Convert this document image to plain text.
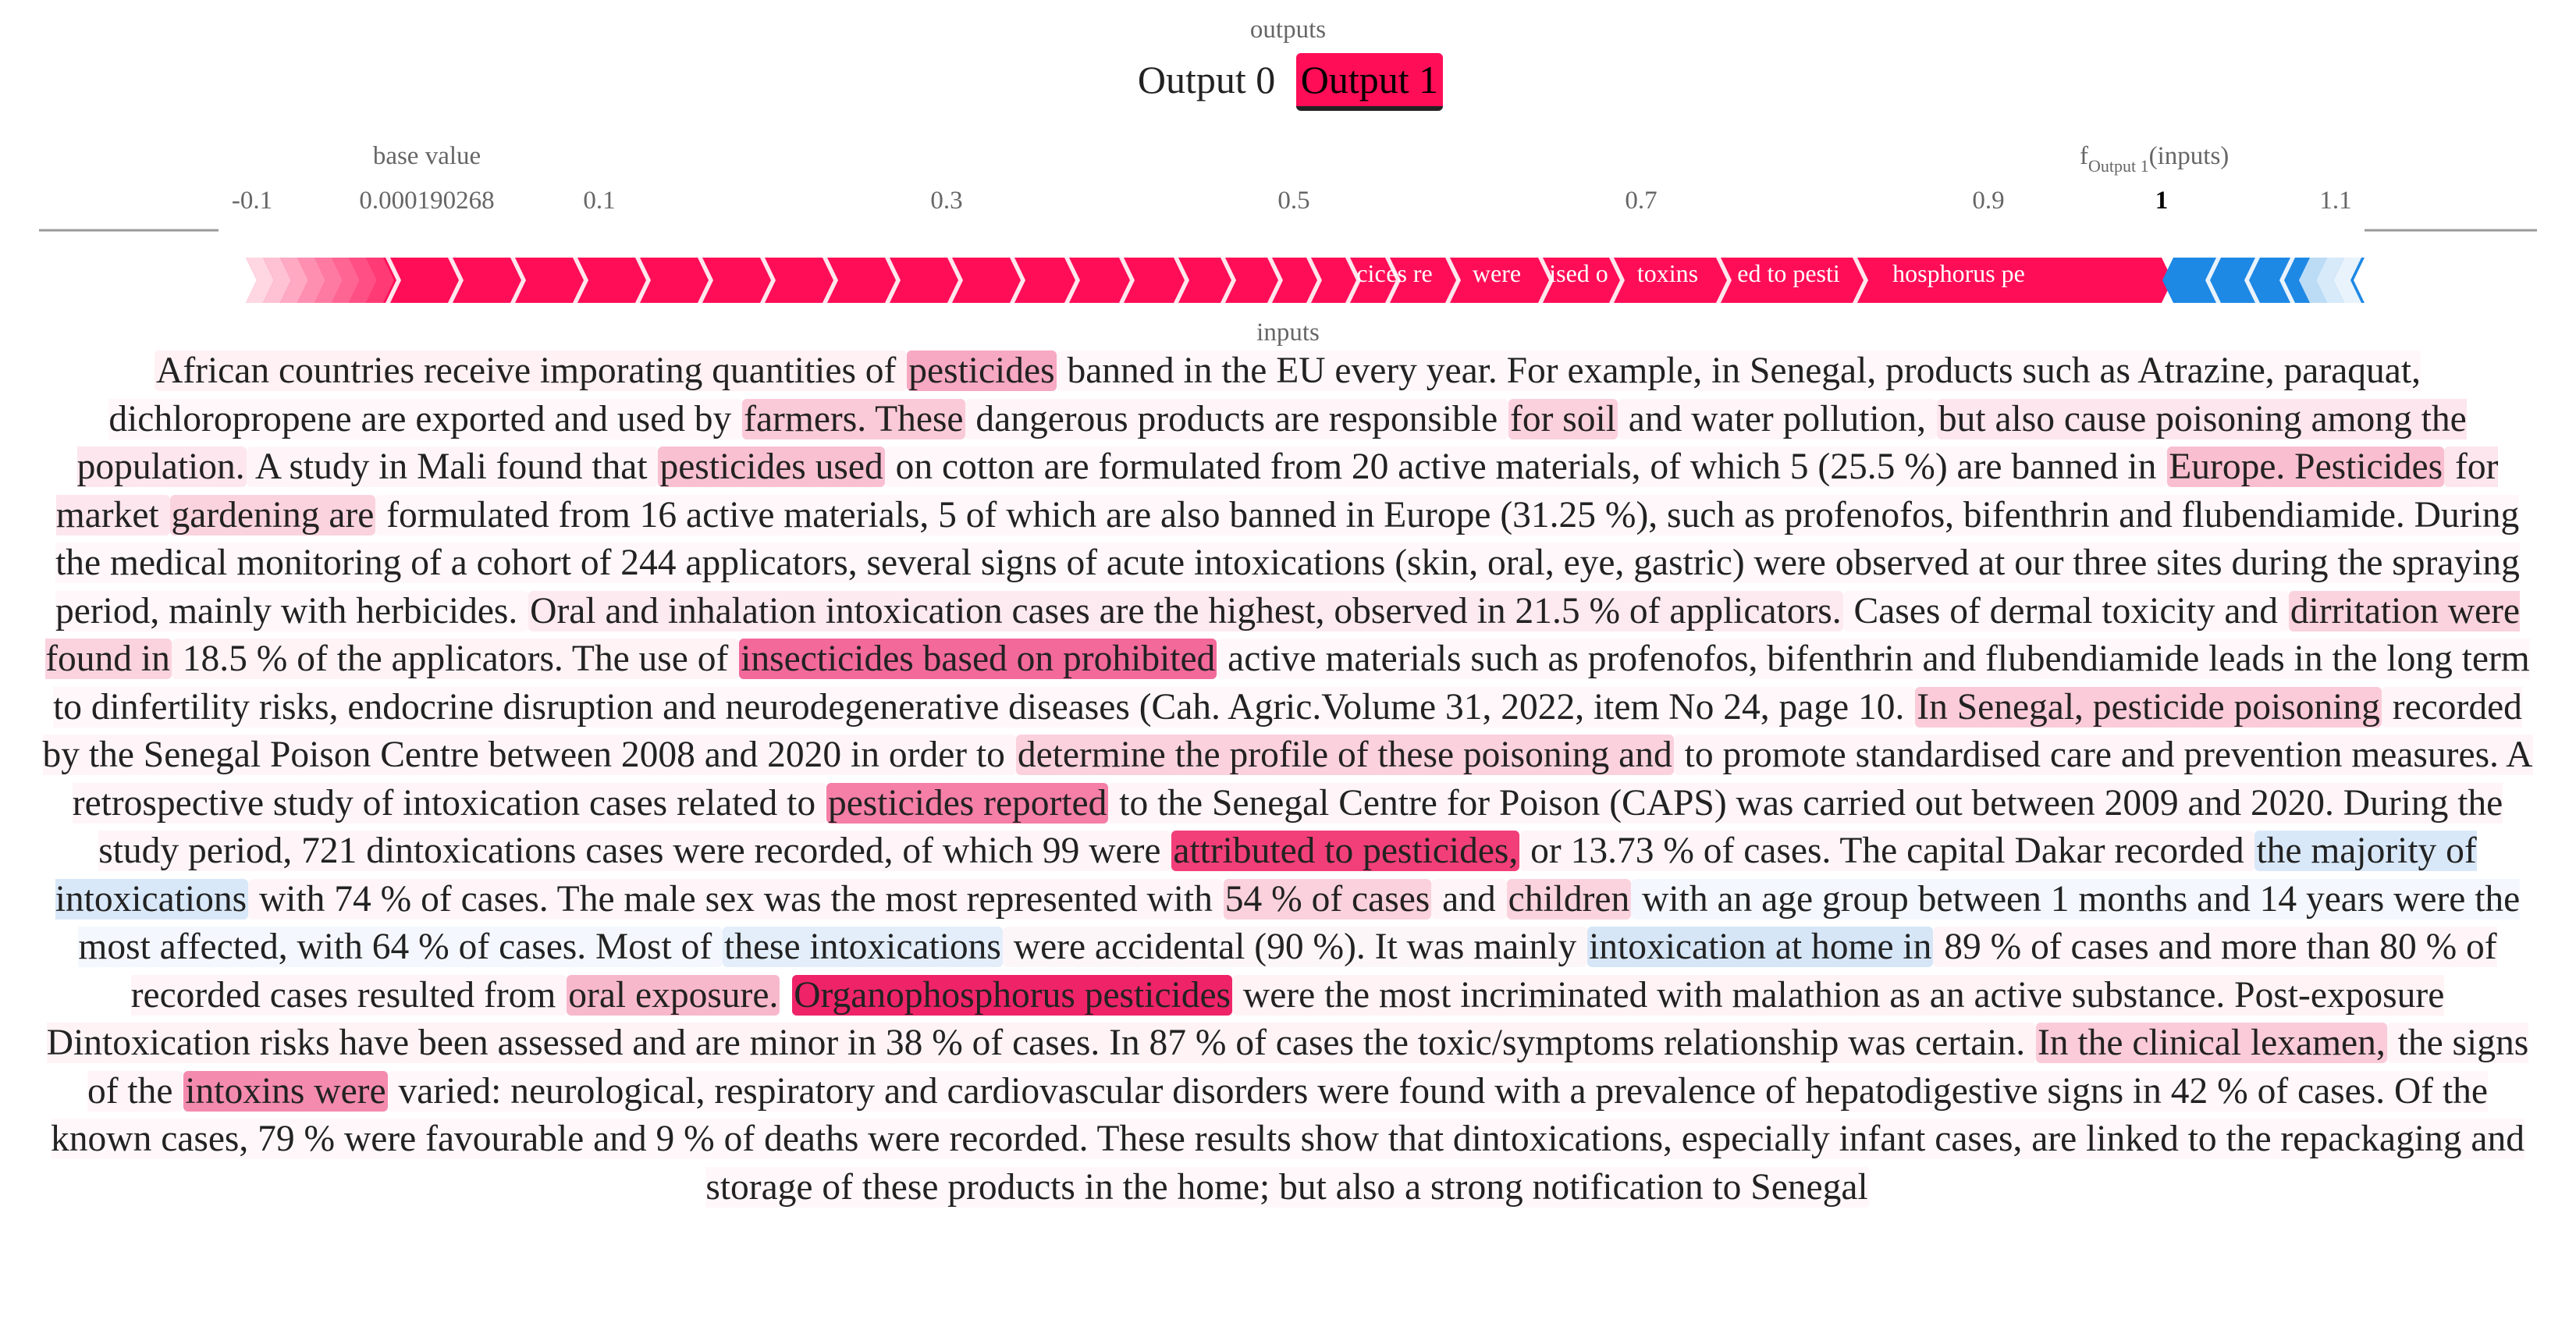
outputs
Output 0 Output 1
base value	$f_{Output 1}(inputs)$
-0.1	0.000190268	0.1	0.3	0.5	0.7	0.9	1	1.1
cic es re were ised o toxins ed to pesti hosphorus pe
inputs
African countries receive imporating quantities of pesticides banned in the EU every year. For example, in Senegal, products such as Atrazine, paraquat, dichloropropene are exported and used by farmers. These dangerous products are responsible for soil and water pollution, but also cause poisoning among the population. A study in Mali found that pesticides used on cotton are formulated from 20 active materials, of which 5 (25.5 %) are banned in Europe. Pesticides for market gardening are formulated from 16 active materials, 5 of which are also banned in Europe (31.25 %), such as profenofos, bifenthrin and flubendiamide. During the medical monitoring of a cohort of 244 applicators, several signs of acute intoxications (skin, oral, eye, gastric) were observed at our three sites during the spraying period, mainly with herbicides. Oral and inhalation intoxication cases are the highest, observed in 21.5 % of applicators. Cases of dermal toxicity and dirritation were found in 18.5 % of the applicators. The use of insecticides based on prohibited active materials such as profenofos, bifenthrin and flubendiamide leads in the long term to dinfertility risks, endocrine disruption and neurodegenerative diseases (Cah. Agric.Volume 31, 2022, item No 24, page 10. In Senegal, pesticide poisoning recorded by the Senegal Poison Centre between 2008 and 2020 in order to determine the profile of these poisoning and to promote standardised care and prevention measures. A retrospective study of intoxication cases related to pesticides reported to the Senegal Centre for Poison (CAPS) was carried out between 2009 and 2020. During the study period, 721 dintoxications cases were recorded, of which 99 were attributed to pesticides, or 13.73 % of cases. The capital Dakar recorded the majority of intoxications with 74 % of cases. The male sex was the most represented with 54 % of cases and children with an age group between 1 months and 14 years were the most affected, with 64 % of cases. Most of these intoxications were accidental (90 %). It was mainly intoxication at home in 89 % of cases and more than 80 % of recorded cases resulted from oral exposure. Organophosphorus pesticides were the most incriminated with malathion as an active substance. Post-exposure Dintoxication risks have been assessed and are minor in 38 % of cases. In 87 % of cases the toxic/symptoms relationship was certain. In the clinical lexamen, the signs of the intoxins were varied: neurological, respiratory and cardiovascular disorders were found with a prevalence of hepatodigestive signs in 42 % of cases. Of the known cases, 79 % were favourable and 9 % of deaths were recorded. These results show that dintoxications, especially infant cases, are linked to the repackaging and storage of these products in the home; but also a strong notification to Senegal
